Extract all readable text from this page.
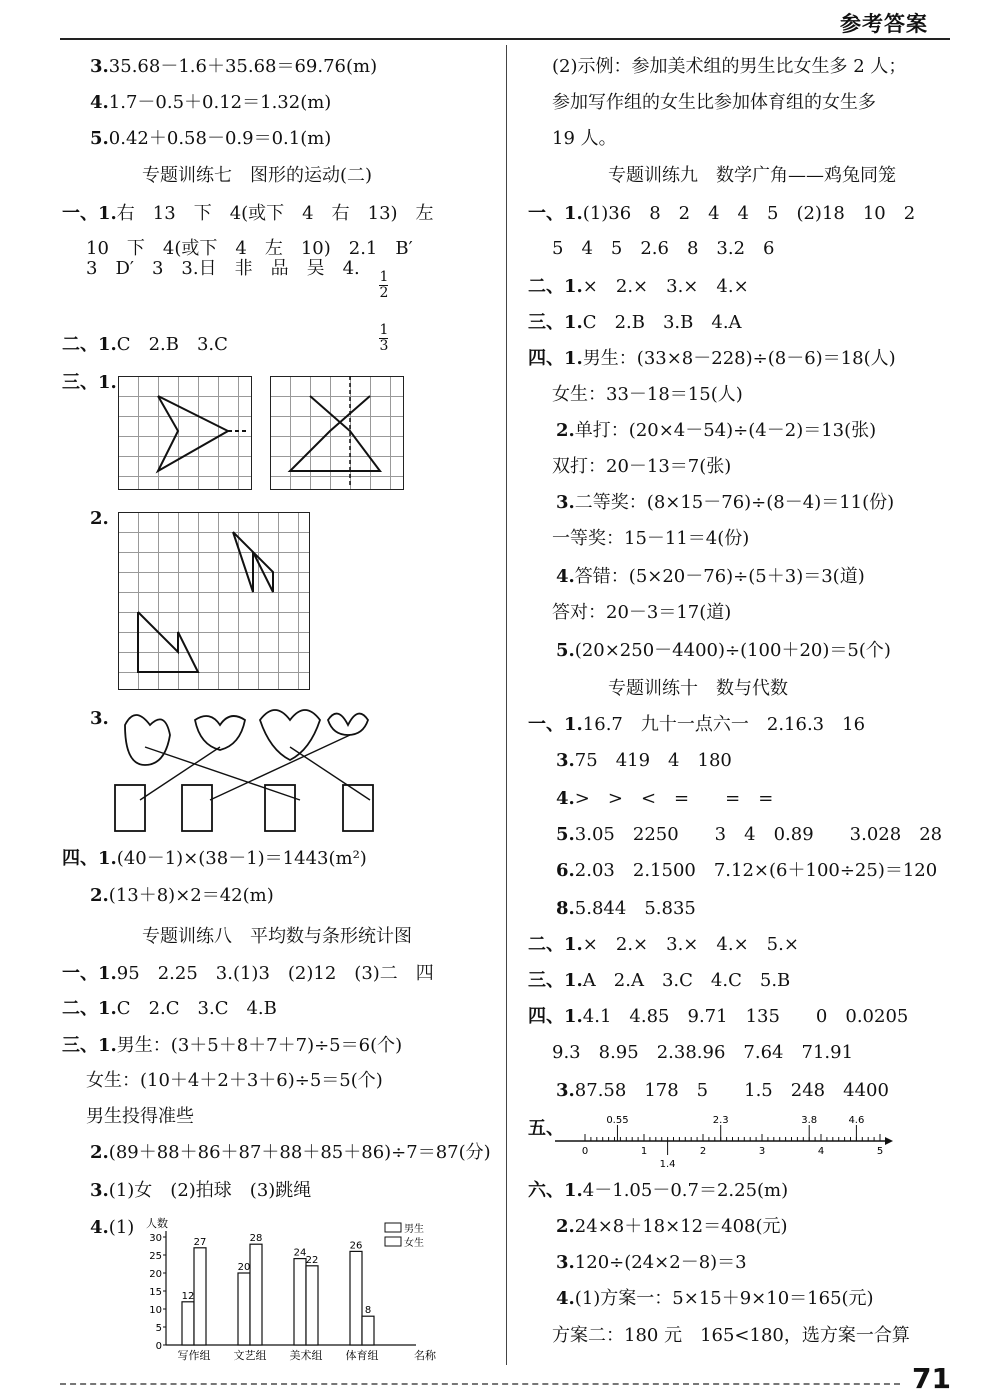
参考答案
3.35.68－1.6＋35.68＝69.76(m)
4.1.7－0.5＋0.12＝1.32(m)
5.0.42＋0.58－0.9＝0.1(m)
专题训练七　图形的运动(二)
一、1.右　13　下　4(或下　4　右　13)　左
10　下　4(或下　4　左　10)　2.1　B′
3　D′　3　3.日　非　品　吴　4.
二、1.C　2.B　3.C
三、1.
2.
3.
四、1.(40－1)×(38－1)＝1443(m²)
2.(13＋8)×2＝42(m)
专题训练八　平均数与条形统计图
一、1.95　2.25　3.(1)3　(2)12　(3)二　四
二、1.C　2.C　3.C　4.B
三、1.男生：(3＋5＋8＋7＋7)÷5＝6(个)
女生：(10＋4＋2＋3＋6)÷5＝5(个)
男生投得准些
2.(89＋88＋86＋87＋88＋85＋86)÷7＝87(分)
3.(1)女　(2)拍球　(3)跳绳
4.(1)

$\frac{1}{2}$

$\frac{1}{3}$

人数
名称
0
5
10
15
20
25
30
12
27
写作组
20
28
文艺组
24
22
美术组
26
8
体育组
男生
女生
(2)示例：参加美术组的男生比女生多 2 人；
参加写作组的女生比参加体育组的女生多
19 人。
专题训练九　数学广角——鸡兔同笼
一、1.(1)36　8　2　4　4　5　(2)18　10　2
5　4　5　2.6　8　3.2　6
二、1.×　2.×　3.×　4.×
三、1.C　2.B　3.B　4.A
四、1.男生：(33×8－228)÷(8－6)＝18(人)
女生：33－18＝15(人)
2.单打：(20×4－54)÷(4－2)＝13(张)
双打：20－13＝7(张)
3.二等奖：(8×15－76)÷(8－4)＝11(份)
一等奖：15－11＝4(份)
4.答错：(5×20－76)÷(5＋3)＝3(道)
答对：20－3＝17(道)
5.(20×250－4400)÷(100＋20)＝5(个)
专题训练十　数与代数
一、1.16.7　九十一点六一　2.16.3　16
3.75　419　4　180
4.>　>　<　=　　=　=
5.3.05　2250　　3　4　0.89　　3.028　28
6.2.03　2.1500　7.12×(6＋100÷25)＝120
8.5.844　5.835
二、1.×　2.×　3.×　4.×　5.×
三、1.A　2.A　3.C　4.C　5.B
四、1.4.1　4.85　9.71　135　　0　0.0205
9.3　8.95　2.38.96　7.64　71.91
3.87.58　178　5　　1.5　248　4400
五、
六、1.4－1.05－0.7＝2.25(m)
2.24×8＋18×12＝408(元)
3.120÷(24×2－8)＝3
4.(1)方案一：5×15＋9×10＝165(元)
方案二：180 元　165<180，选方案一合算
0	1	2	3	4	5
0.55	2.3	3.8	4.6
1.4
71
